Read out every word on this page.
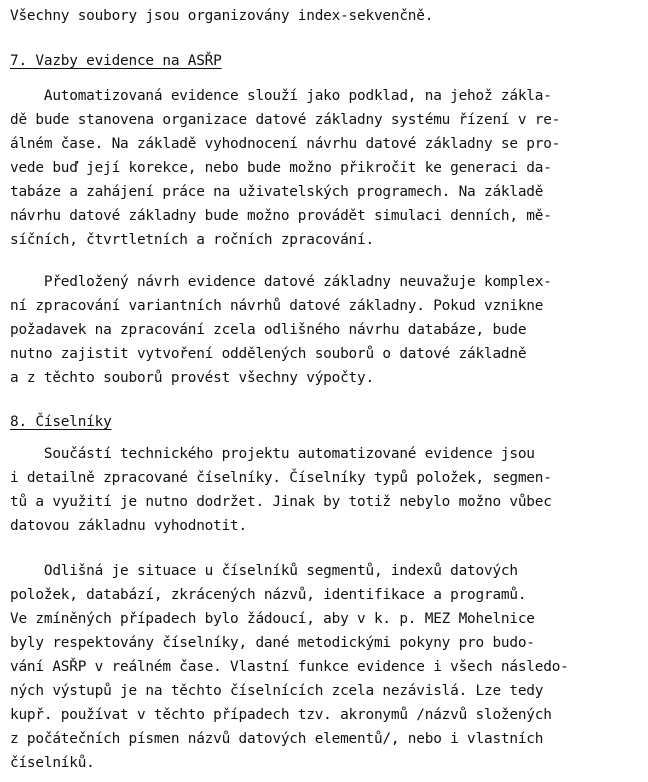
Všechny soubory jsou organizovány index-sekvenčně.
7. Vazby evidence na ASŘP
Automatizovaná evidence slouží jako podklad, na jehož zákla-
dě bude stanovena organizace datové základny systému řízení v re-
álném čase. Na základě vyhodnocení návrhu datové základny se pro-
vede buď její korekce, nebo bude možno přikročit ke generaci da-
tabáze a zahájení práce na uživatelských programech. Na základě
návrhu datové základny bude možno provádět simulaci denních, mě-
síčních, čtvrtletních a ročních zpracování.
Předložený návrh evidence datové základny neuvažuje komplex-
ní zpracování variantních návrhů datové základny. Pokud vznikne
požadavek na zpracování zcela odlišného návrhu databáze, bude
nutno zajistit vytvoření oddělených souborů o datové základně
a z těchto souborů provést všechny výpočty.
8. Číselníky
Součástí technického projektu automatizované evidence jsou
i detailně zpracované číselníky. Číselníky typů položek, segmen-
tů a využití je nutno dodržet. Jinak by totiž nebylo možno vůbec
datovou základnu vyhodnotit.
Odlišná je situace u číselníků segmentů, indexů datových
položek, databází, zkrácených názvů, identifikace a programů.
Ve zmíněných případech bylo žádoucí, aby v k. p. MEZ Mohelnice
byly respektovány číselníky, dané metodickými pokyny pro budo-
vání ASŘP v reálném čase. Vlastní funkce evidence i všech následo-
ných výstupů je na těchto číselnících zcela nezávislá. Lze tedy
kupř. používat v těchto případech tzv. akronymů /názvů složených
z počátečních písmen názvů datových elementů/, nebo i vlastních
číselníků.
